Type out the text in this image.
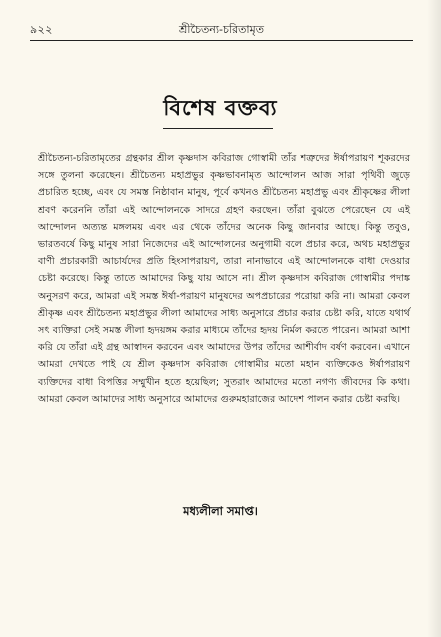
৯২২	শ্রীচৈতন্য-চরিতামৃত
বিশেষ বক্তব্য

শ্রীচৈতন্য-চরিতামৃতের গ্রন্থকার শ্রীল কৃষ্ণদাস কবিরাজ গোস্বামী তাঁর শত্রুদের ঈর্ষাপরায়ণ শূকরদের সঙ্গে তুলনা করেছেন। শ্রীচৈতন্য মহাপ্রভুর কৃষ্ণভাবনামৃত আন্দোলন আজ সারা পৃথিবী জুড়ে প্রচারিত হচ্ছে, এবং যে সমস্ত নিষ্ঠাবান মানুষ, পূর্বে কখনও শ্রীচৈতন্য মহাপ্রভু এবং শ্রীকৃষ্ণের লীলা শ্রবণ করেননি তাঁরা এই আন্দোলনকে সাদরে গ্রহণ করছেন। তাঁরা বুঝতে পেরেছেন যে এই আন্দোলন অত্যন্ত মঙ্গলময় এবং এর থেকে তাঁদের অনেক কিছু জানবার আছে। কিন্তু তবুও, ভারতবর্ষে কিছু মানুষ সারা নিজেদের এই আন্দোলনের অনুগামী বলে প্রচার করে, অথচ মহাপ্রভুর বাণী প্রচারকারী আচার্যদের প্রতি হিংসাপরায়ণ, তারা নানাভাবে এই আন্দোলনকে বাধা দেওয়ার চেষ্টা করেছে। কিন্তু তাতে আমাদের কিছু যায় আসে না। শ্রীল কৃষ্ণদাস কবিরাজ গোস্বামীর পদাঙ্ক অনুসরণ করে, আমরা এই সমস্ত ঈর্ষা-পরায়ণ মানুষদের অপপ্রচারের পরোয়া করি না। আমরা কেবল শ্রীকৃষ্ণ এবং শ্রীচৈতন্য মহাপ্রভুর লীলা আমাদের সাধ্য অনুসারে প্রচার করার চেষ্টা করি, যাতে যথার্থ সৎ ব্যক্তিরা সেই সমস্ত লীলা হৃদয়ঙ্গম করার মাধ্যমে তাঁদের হৃদয় নির্মল করতে পারেন। আমরা আশা করি যে তাঁরা এই গ্রন্থ আস্বাদন করবেন এবং আমাদের উপর তাঁদের আশীর্বাদ বর্ষণ করবেন। এখানে আমরা দেখতে পাই যে শ্রীল কৃষ্ণদাস কবিরাজ গোস্বামীর মতো মহান ব্যক্তিকেও ঈর্ষাপরায়ণ ব্যক্তিদের বাধা বিপত্তির সম্মুখীন হতে হয়েছিল; সুতরাং আমাদের মতো নগণ্য জীবদের কি কথা। আমরা কেবল আমাদের সাধ্য অনুসারে আমাদের গুরুমহারাজের আদেশ পালন করার চেষ্টা করছি।

মধ্যলীলা সমাপ্ত।
